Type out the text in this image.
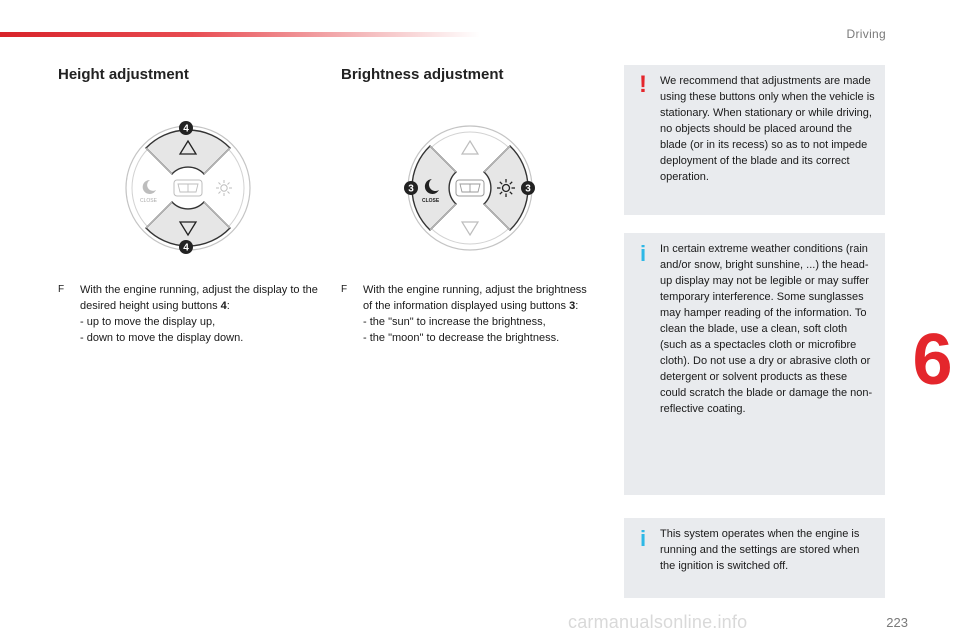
Driving
Height adjustment	Brightness adjustment
CLOSE
4
4
CLOSE
3	3
F	With the engine running, adjust the display to the desired height using buttons 4:
- up to move the display up,
- down to move the display down.
F	With the engine running, adjust the brightness of the information displayed using buttons 3:
- the "sun" to increase the brightness,
- the "moon" to decrease the brightness.
! We recommend that adjustments are made using these buttons only when the vehicle is stationary. When stationary or while driving, no objects should be placed around the blade (or in its recess) so as to not impede deployment of the blade and its correct operation.
i	In certain extreme weather conditions (rain and/or snow, bright sunshine, ...) the head-up display may not be legible or may suffer temporary interference. Some sunglasses may hamper reading of the information. To clean the blade, use a clean, soft cloth (such as a spectacles cloth or microfibre cloth). Do not use a dry or abrasive cloth or detergent or solvent products as these could scratch the blade or damage the non-reflective coating.
i	This system operates when the engine is running and the settings are stored when the ignition is switched off.
6
carmanualsonline.info	223
